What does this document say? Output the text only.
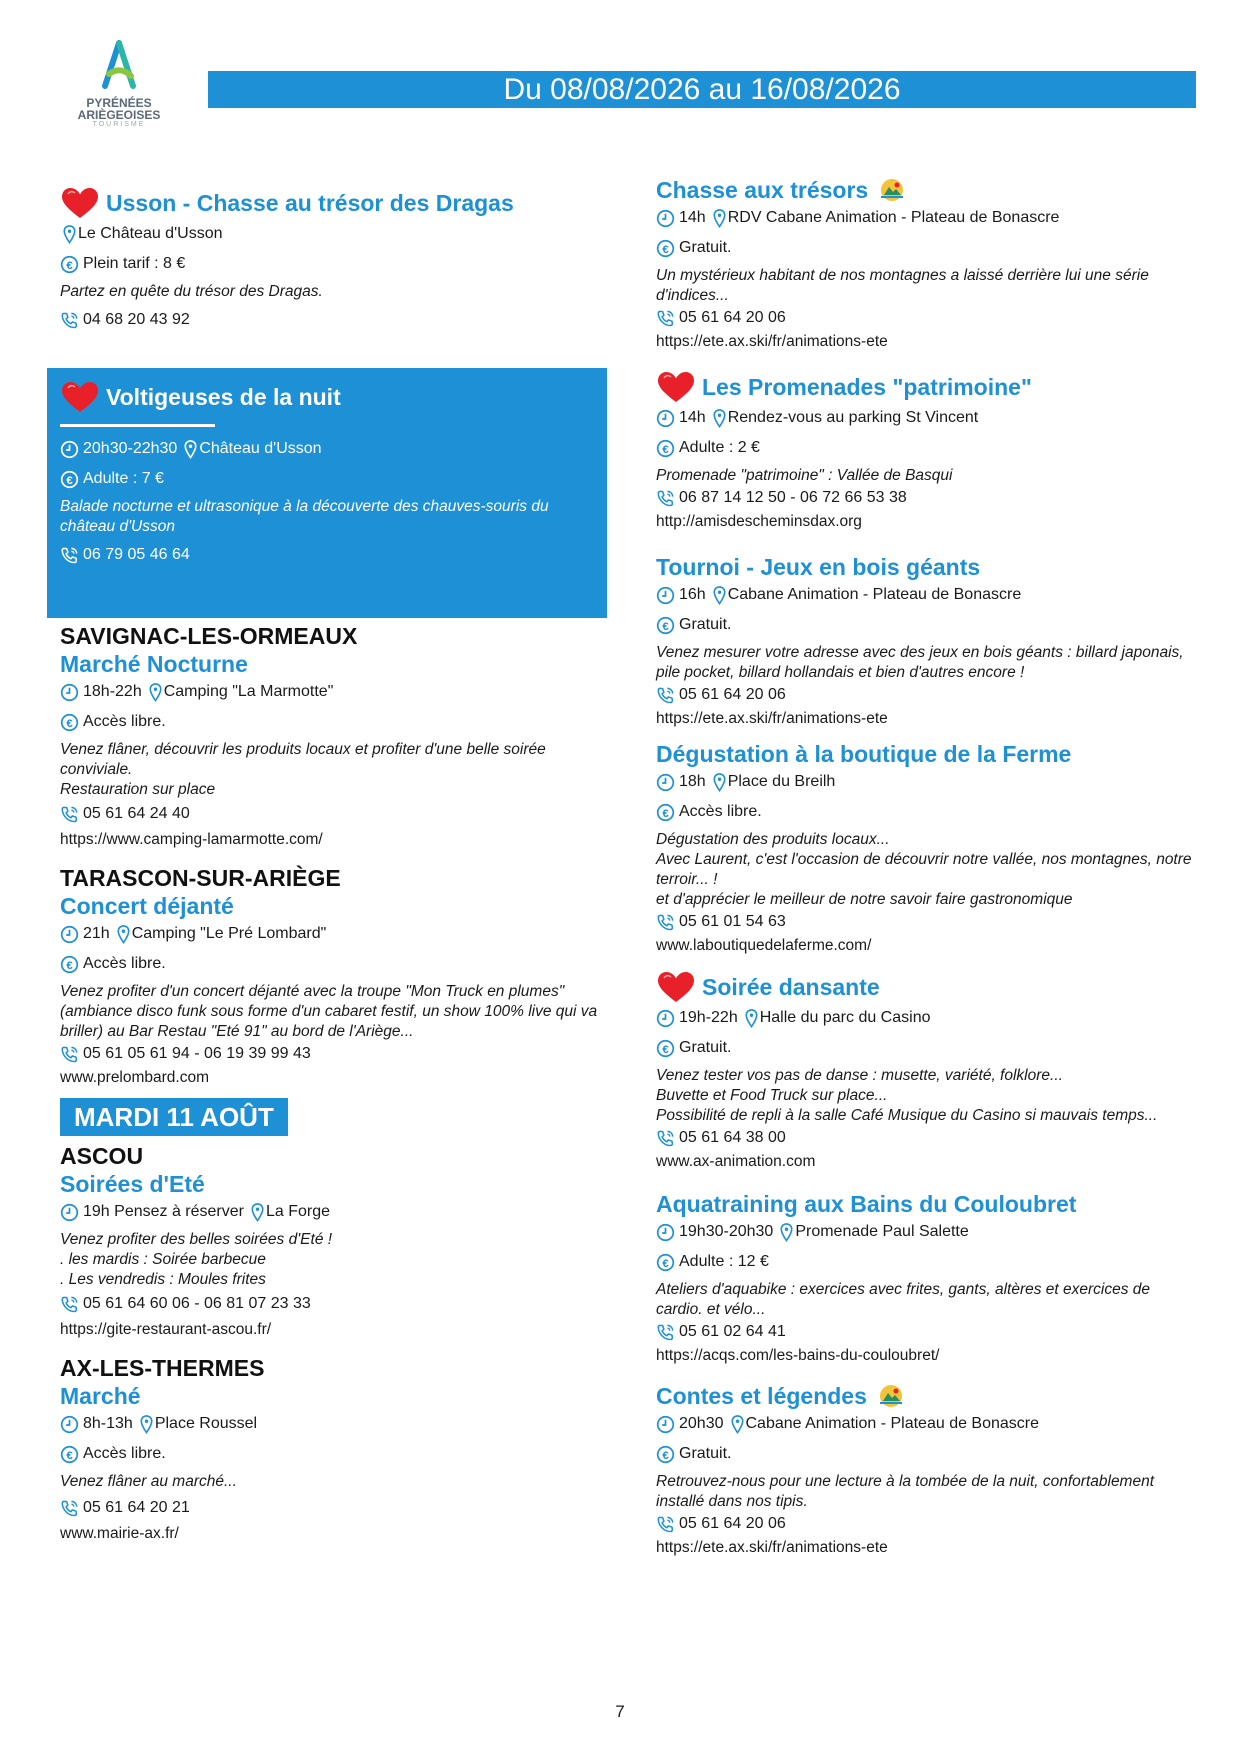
PYRÉNÉES
ARIÈGEOISES
TOURISME
Du 08/08/2026 au 16/08/2026
Usson - Chasse au trésor des Dragas
Le Château d'Usson
Plein tarif : 8 €
Partez en quête du trésor des Dragas.
04 68 20 43 92
Voltigeuses de la nuit
20h30-22h30 Château d'Usson
Adulte : 7 €
Balade nocturne et ultrasonique à la découverte des chauves-souris du château d'Usson
06 79 05 46 64
SAVIGNAC-LES-ORMEAUX
Marché Nocturne
18h-22h Camping "La Marmotte"
Accès libre.
Venez flâner, découvrir les produits locaux et profiter d'une belle soirée conviviale.
Restauration sur place
05 61 64 24 40
https://www.camping-lamarmotte.com/
TARASCON-SUR-ARIÈGE
Concert déjanté
21h Camping "Le Pré Lombard"
Accès libre.
Venez profiter d'un concert déjanté avec la troupe "Mon Truck en plumes" (ambiance disco funk sous forme d'un cabaret festif, un show 100% live qui va briller) au Bar Restau "Eté 91" au bord de l'Ariège...
05 61 05 61 94 - 06 19 39 99 43
www.prelombard.com
MARDI 11 AOÛT
ASCOU
Soirées d'Eté
19h Pensez à réserver La Forge
Venez profiter des belles soirées d'Eté !
. les mardis : Soirée barbecue
. Les vendredis : Moules frites
05 61 64 60 06 - 06 81 07 23 33
https://gite-restaurant-ascou.fr/
AX-LES-THERMES
Marché
8h-13h Place Roussel
Accès libre.
Venez flâner au marché...
05 61 64 20 21
www.mairie-ax.fr/
Chasse aux trésors
14h RDV Cabane Animation - Plateau de Bonascre
Gratuit.
Un mystérieux habitant de nos montagnes a laissé derrière lui une série d'indices...
05 61 64 20 06
https://ete.ax.ski/fr/animations-ete
Les Promenades "patrimoine"
14h Rendez-vous au parking St Vincent
Adulte : 2 €
Promenade "patrimoine" : Vallée de Basqui
06 87 14 12 50 - 06 72 66 53 38
http://amisdescheminsdax.org
Tournoi - Jeux en bois géants
16h Cabane Animation - Plateau de Bonascre
Gratuit.
Venez mesurer votre adresse avec des jeux en bois géants : billard japonais, pile pocket, billard hollandais et bien d'autres encore !
05 61 64 20 06
https://ete.ax.ski/fr/animations-ete
Dégustation à la boutique de la Ferme
18h Place du Breilh
Accès libre.
Dégustation des produits locaux...
Avec Laurent, c'est l'occasion de découvrir notre vallée, nos montagnes, notre terroir... !
et d'apprécier le meilleur de notre savoir faire gastronomique
05 61 01 54 63
www.laboutiquedelaferme.com/
Soirée dansante
19h-22h Halle du parc du Casino
Gratuit.
Venez tester vos pas de danse : musette, variété, folklore...
Buvette et Food Truck sur place...
Possibilité de repli à la salle Café Musique du Casino si mauvais temps...
05 61 64 38 00
www.ax-animation.com
Aquatraining aux Bains du Couloubret
19h30-20h30 Promenade Paul Salette
Adulte : 12 €
Ateliers d'aquabike : exercices avec frites, gants, altères et exercices de cardio. et vélo...
05 61 02 64 41
https://acqs.com/les-bains-du-couloubret/
Contes et légendes
20h30 Cabane Animation - Plateau de Bonascre
Gratuit.
Retrouvez-nous pour une lecture à la tombée de la nuit, confortablement installé dans nos tipis.
05 61 64 20 06
https://ete.ax.ski/fr/animations-ete
7
